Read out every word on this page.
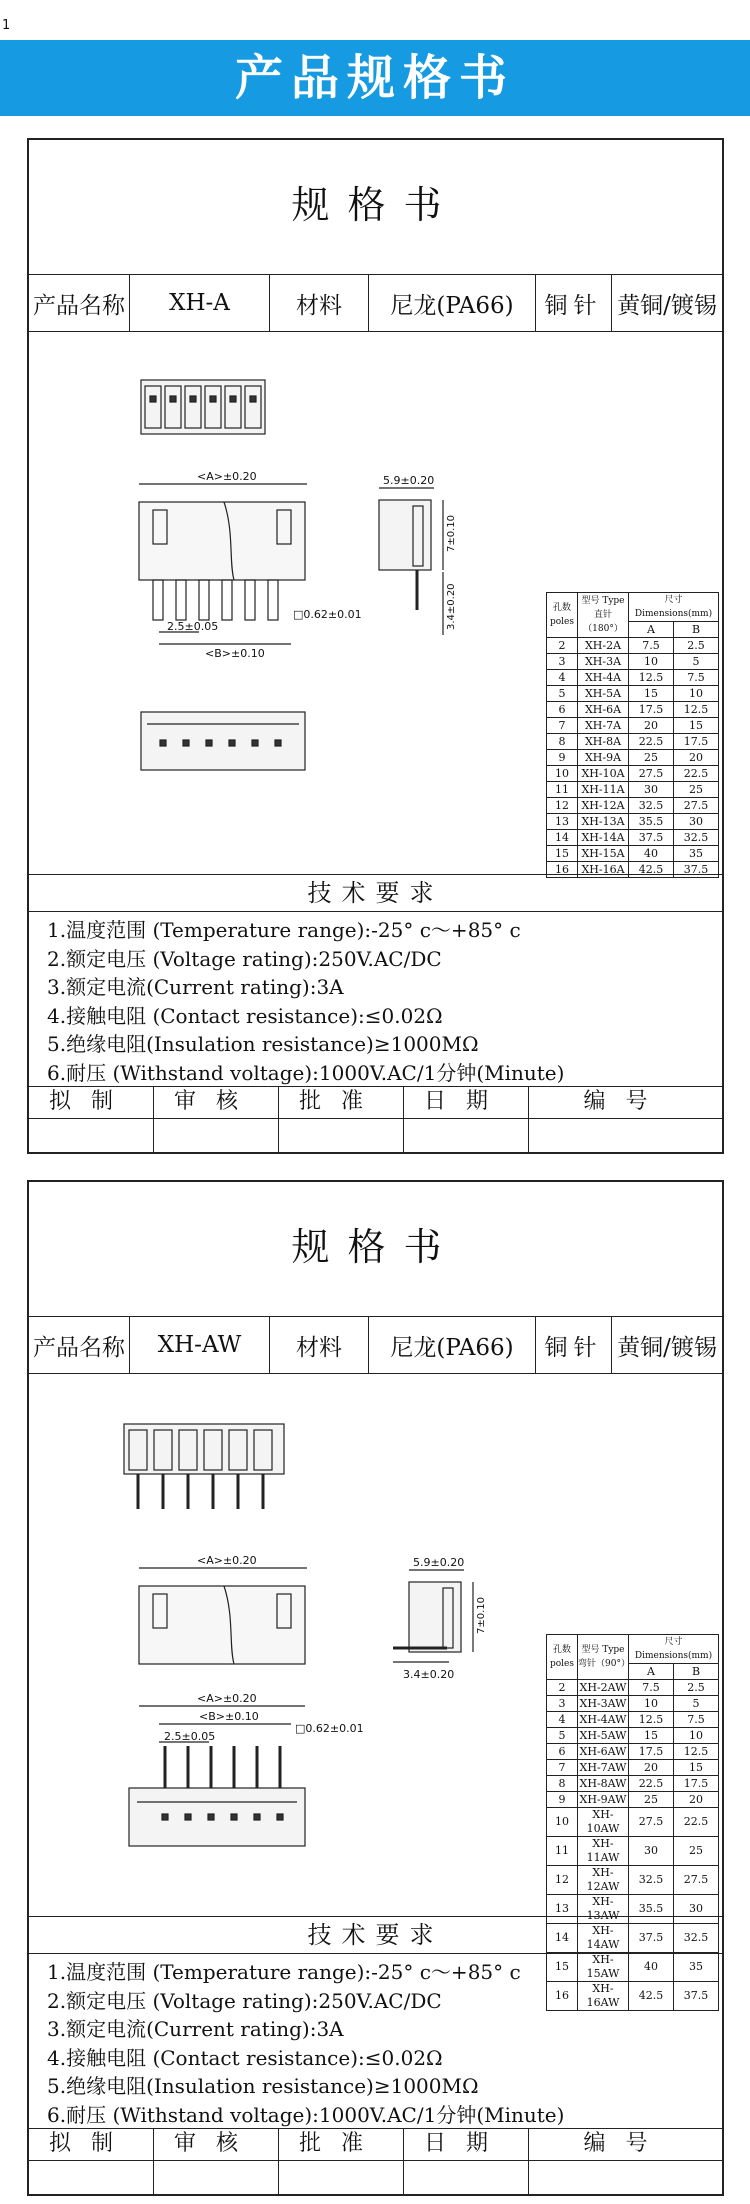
1
产品规格书
规格书
产品名称	XH-A	材料	尼龙(PA66)	铜针 黄铜/镀锡
<A>±0.20
2.5±0.05
<B>±0.10
□0.62±0.01
5.9±0.20
7±0.10
3.4±0.20	孔数 poles	型号 Type 直针（180°）	尺寸 Dimensions(mm)	
		A	B
2	XH-2A	7.5	2.5
3	XH-3A	10	5
4	XH-4A	12.5	7.5
5	XH-5A	15	10
6	XH-6A	17.5	12.5
7	XH-7A	20	15
8	XH-8A	22.5	17.5
9	XH-9A	25	20
10	XH-10A	27.5	22.5
11	XH-11A	30	25
12	XH-12A	32.5	27.5
13	XH-13A	35.5	30
14	XH-14A	37.5	32.5
15	XH-15A	40	35
16	XH-16A	42.5	37.5
技术要求
1.温度范围 (Temperature range):-25° c～+85° c
2.额定电压 (Voltage rating):250V.AC/DC
3.额定电流(Current rating):3A
4.接触电阻 (Contact resistance):≤0.02Ω
5.绝缘电阻(Insulation resistance)≥1000MΩ
6.耐压 (Withstand voltage):1000V.AC/1分钟(Minute)
拟制	审核	批准	日期	编号
规格书
产品名称	XH-AW	材料	尼龙(PA66)	铜针 黄铜/镀锡
<A>±0.20	5.9±0.20
7±0.10
3.4±0.20
<A>±0.20
<B>±0.10
2.5±0.05
□0.62±0.01
孔数 poles	型号 Type 弯针（90°）	尺寸 Dimensions(mm)	
		A	B
2	XH-2AW	7.5	2.5
3	XH-3AW	10	5
4	XH-4AW	12.5	7.5
5	XH-5AW	15	10
6	XH-6AW	17.5	12.5
7	XH-7AW	20	15
8	XH-8AW	22.5	17.5
9	XH-9AW	25	20
10	XH-10AW	27.5	22.5
11	XH-11AW	30	25
12	XH-12AW	32.5	27.5
13	XH-13AW	35.5	30
14	XH-14AW	37.5	32.5
15	XH-15AW	40	35
16	XH-16AW	42.5	37.5
技术要求
1.温度范围 (Temperature range):-25° c～+85° c
2.额定电压 (Voltage rating):250V.AC/DC
3.额定电流(Current rating):3A
4.接触电阻 (Contact resistance):≤0.02Ω
5.绝缘电阻(Insulation resistance)≥1000MΩ
6.耐压 (Withstand voltage):1000V.AC/1分钟(Minute)
拟制	审核	批准	日期	编号
